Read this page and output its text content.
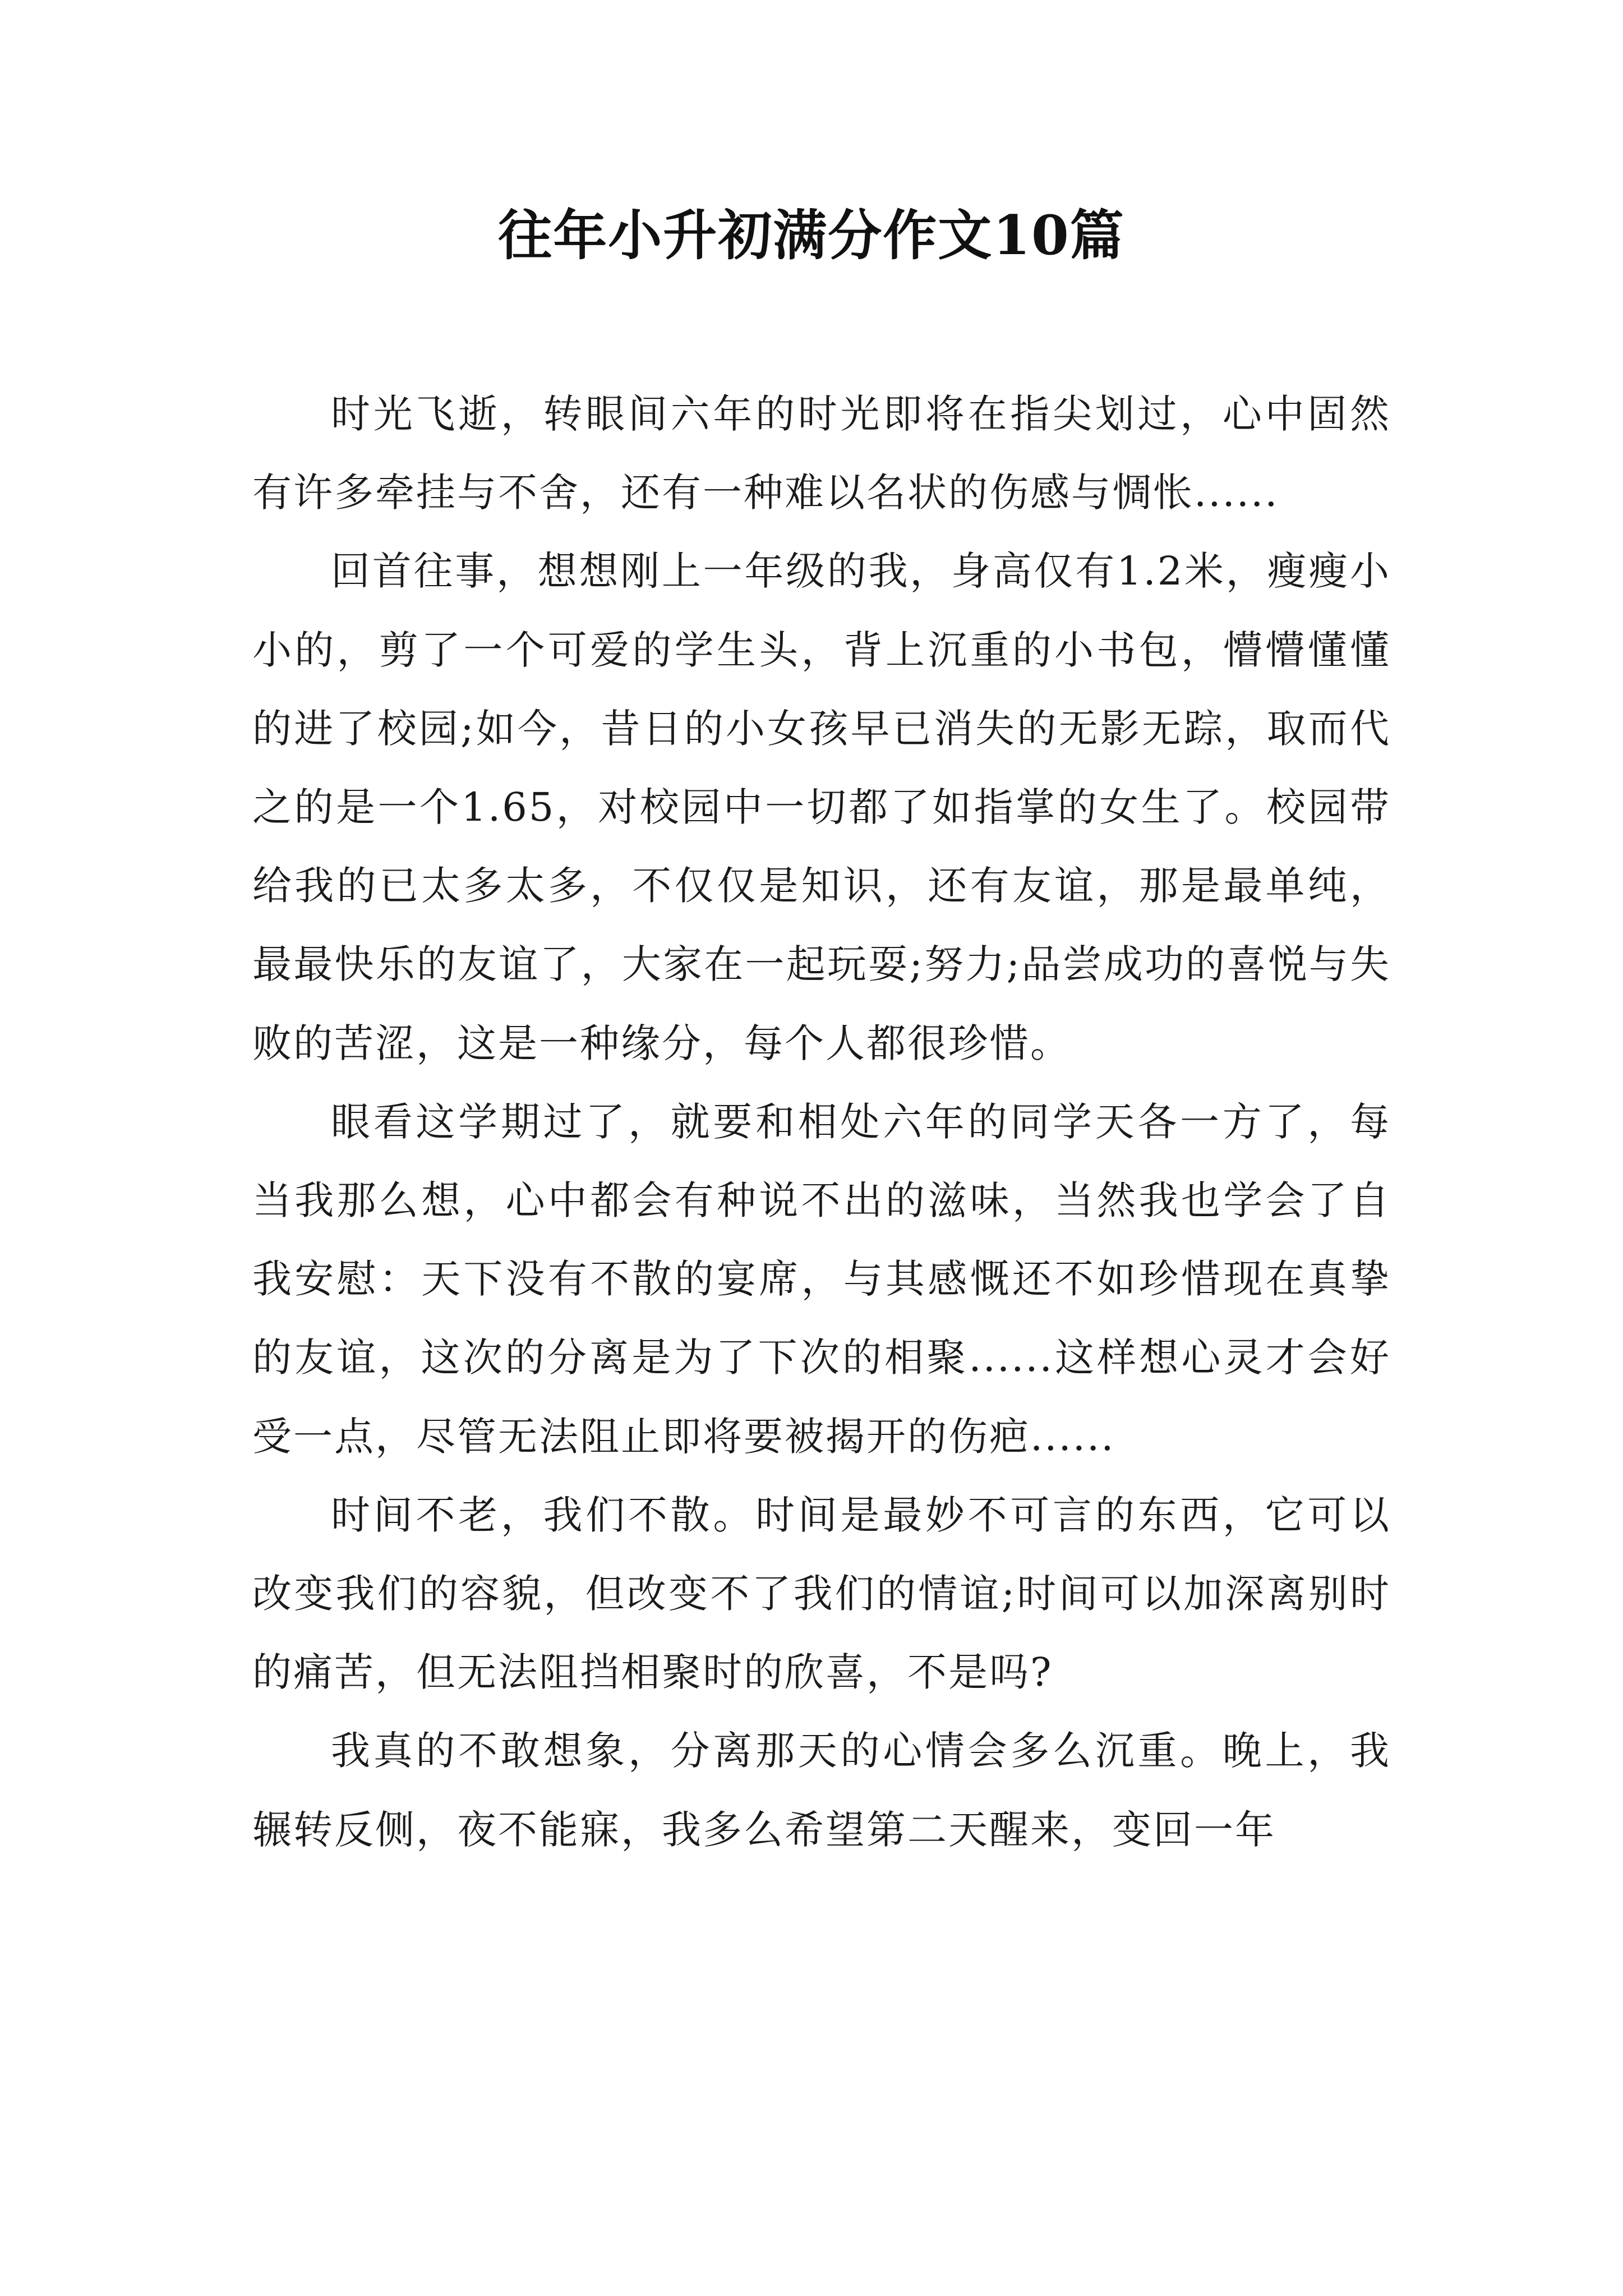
往年小升初满分作文10篇

时光飞逝，转眼间六年的时光即将在指尖划过，心中固然有许多牵挂与不舍，还有一种难以名状的伤感与惆怅......

回首往事，想想刚上一年级的我，身高仅有1.2米，瘦瘦小小的，剪了一个可爱的学生头，背上沉重的小书包，懵懵懂懂的进了校园;如今，昔日的小女孩早已消失的无影无踪，取而代之的是一个1.65，对校园中一切都了如指掌的女生了。校园带给我的已太多太多，不仅仅是知识，还有友谊，那是最单纯，最最快乐的友谊了，大家在一起玩耍;努力;品尝成功的喜悦与失败的苦涩，这是一种缘分，每个人都很珍惜。

眼看这学期过了，就要和相处六年的同学天各一方了，每当我那么想，心中都会有种说不出的滋味，当然我也学会了自我安慰：天下没有不散的宴席，与其感慨还不如珍惜现在真挚的友谊，这次的分离是为了下次的相聚......这样想心灵才会好受一点，尽管无法阻止即将要被揭开的伤疤......

时间不老，我们不散。时间是最妙不可言的东西，它可以改变我们的容貌，但改变不了我们的情谊;时间可以加深离别时的痛苦，但无法阻挡相聚时的欣喜，不是吗?

我真的不敢想象，分离那天的心情会多么沉重。晚上，我辗转反侧，夜不能寐，我多么希望第二天醒来，变回一年
